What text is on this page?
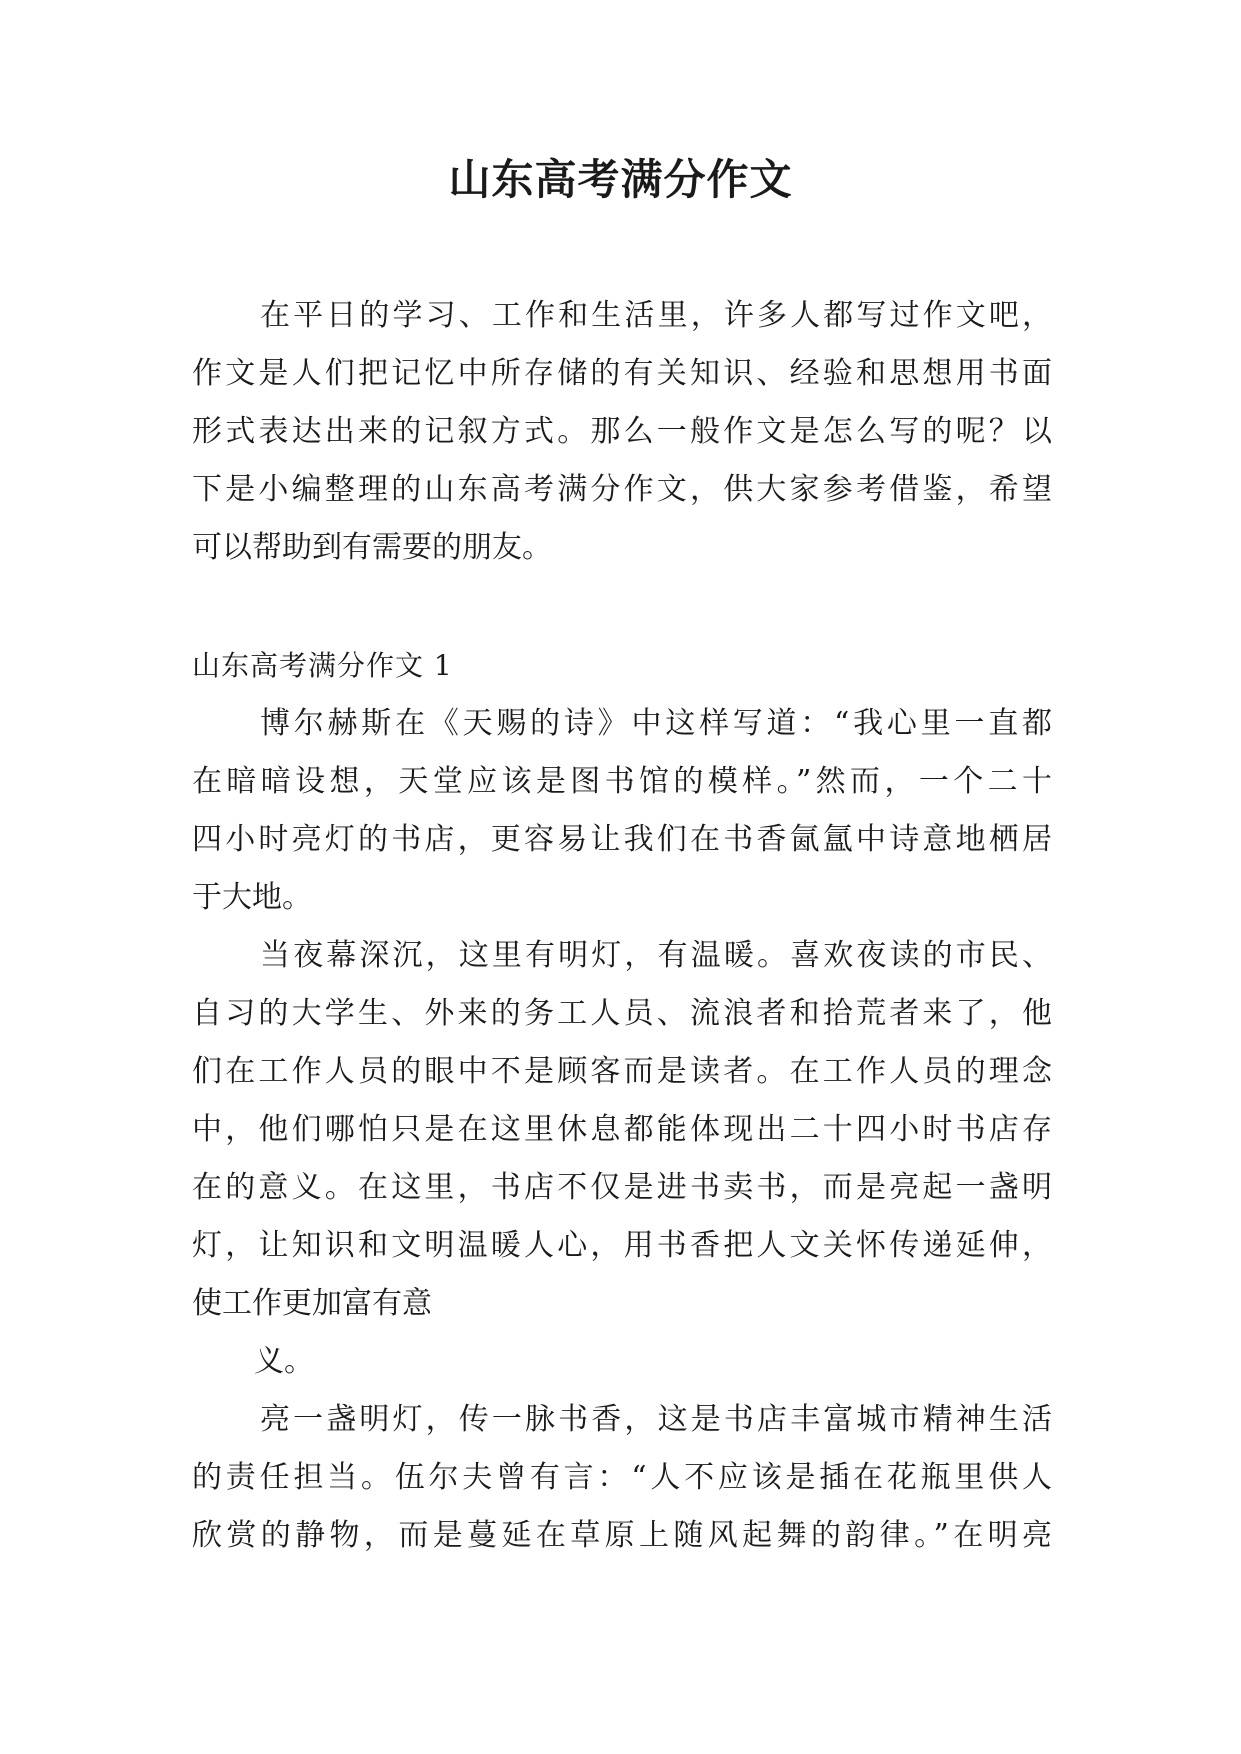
山东高考满分作文
在平日的学习、工作和生活里，许多人都写过作文吧，
作文是人们把记忆中所存储的有关知识、经验和思想用书面
形式表达出来的记叙方式。那么一般作文是怎么写的呢？以
下是小编整理的山东高考满分作文，供大家参考借鉴，希望
可以帮助到有需要的朋友。
山东高考满分作文 1
博尔赫斯在《天赐的诗》中这样写道：“我心里一直都
在暗暗设想，天堂应该是图书馆的模样。”然而，一个二十
四小时亮灯的书店，更容易让我们在书香氤氲中诗意地栖居
于大地。
当夜幕深沉，这里有明灯，有温暖。喜欢夜读的市民、
自习的大学生、外来的务工人员、流浪者和拾荒者来了，他
们在工作人员的眼中不是顾客而是读者。在工作人员的理念
中，他们哪怕只是在这里休息都能体现出二十四小时书店存
在的意义。在这里，书店不仅是进书卖书，而是亮起一盏明
灯，让知识和文明温暖人心，用书香把人文关怀传递延伸，
使工作更加富有意
义。
亮一盏明灯，传一脉书香，这是书店丰富城市精神生活
的责任担当。伍尔夫曾有言：“人不应该是插在花瓶里供人
欣赏的静物，而是蔓延在草原上随风起舞的韵律。”在明亮
